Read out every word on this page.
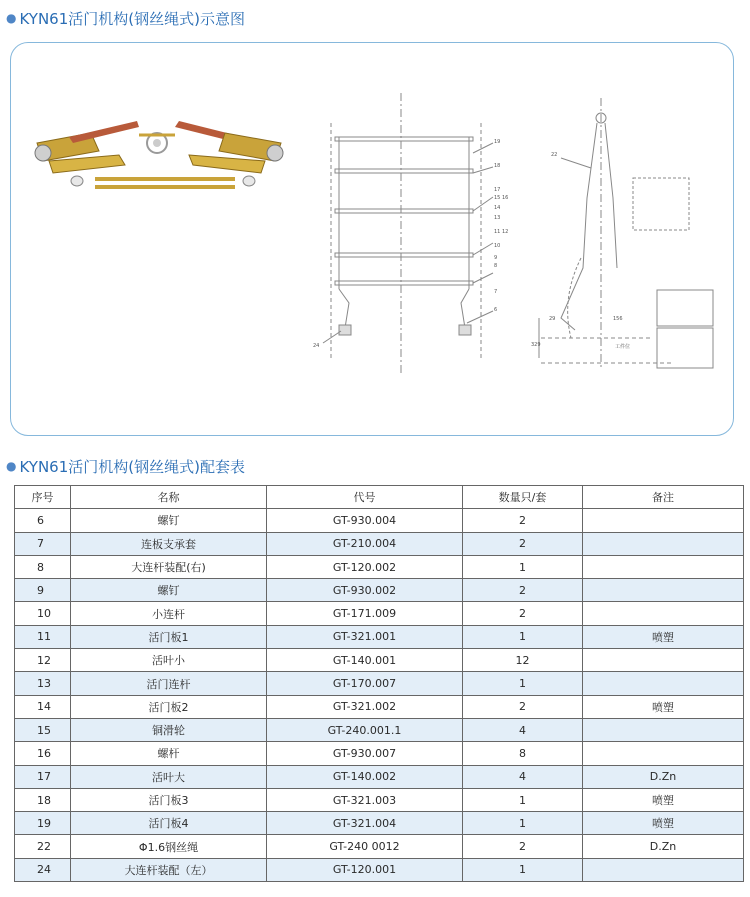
● KYN61活门机构(钢丝绳式)示意图
19
18
17
15 16
14
13
11 12
10
9
8
7
6
24
22
29	156
329	工件位
● KYN61活门机构(钢丝绳式)配套表
序号	名称	代号	数量只/套	备注
6	螺钉	GT-930.004	2	
7	连板支承套	GT-210.004	2	
8	大连杆装配(右)	GT-120.002	1	
9	螺钉	GT-930.002	2	
10	小连杆	GT-171.009	2	
11	活门板1	GT-321.001	1	喷塑
12	活叶小	GT-140.001	12	
13	活门连杆	GT-170.007	1	
14	活门板2	GT-321.002	2	喷塑
15	铜滑轮	GT-240.001.1	4	
16	螺杆	GT-930.007	8	
17	活叶大	GT-140.002	4	D.Zn
18	活门板3	GT-321.003	1	喷塑
19	活门板4	GT-321.004	1	喷塑
22	Φ1.6钢丝绳	GT-240 0012	2	D.Zn
24	大连杆装配（左）	GT-120.001	1	
